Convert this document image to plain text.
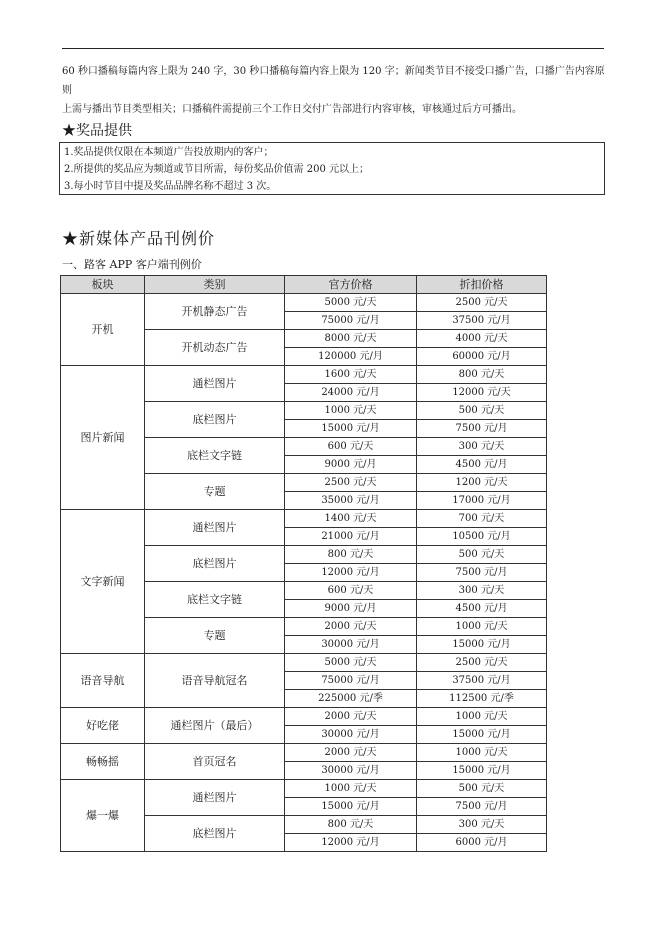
60 秒口播稿每篇内容上限为 240 字，30 秒口播稿每篇内容上限为 120 字；新闻类节目不接受口播广告，口播广告内容原则

上需与播出节目类型相关；口播稿件需提前三个工作日交付广告部进行内容审核，审核通过后方可播出。

★奖品提供
1.奖品提供仅限在本频道广告投放期内的客户；
2.所提供的奖品应为频道或节目所需，每份奖品价值需 200 元以上；
3.每小时节目中提及奖品品牌名称不超过 3 次。
★新媒体产品刊例价
一、路客 APP 客户端刊例价
板块	类别	官方价格	折扣价格
开机	开机静态广告	5000 元/天	2500 元/天
		75000 元/月	37500 元/月
	开机动态广告	8000 元/天	4000 元/天
		120000 元/月	60000 元/月
图片新闻	通栏图片	1600 元/天	800 元/天
		24000 元/月	12000 元/天
	底栏图片	1000 元/天	500 元/天
		15000 元/月	7500 元/月
	底栏文字链	600 元/天	300 元/天
		9000 元/月	4500 元/月
	专题	2500 元/天	1200 元/天
		35000 元/月	17000 元/月
文字新闻	通栏图片	1400 元/天	700 元/天
		21000 元/月	10500 元/月
	底栏图片	800 元/天	500 元/天
		12000 元/月	7500 元/月
	底栏文字链	600 元/天	300 元/天
		9000 元/月	4500 元/月
	专题	2000 元/天	1000 元/天
		30000 元/月	15000 元/月
语音导航	语音导航冠名	5000 元/天	2500 元/天
		75000 元/月	37500 元/月
		225000 元/季	112500 元/季
好吃佬	通栏图片（最后）	2000 元/天	1000 元/天
		30000 元/月	15000 元/月
畅畅摇	首页冠名	2000 元/天	1000 元/天
		30000 元/月	15000 元/月
爆一爆	通栏图片	1000 元/天	500 元/天
		15000 元/月	7500 元/月
	底栏图片	800 元/天	300 元/天
		12000 元/月	6000 元/月
